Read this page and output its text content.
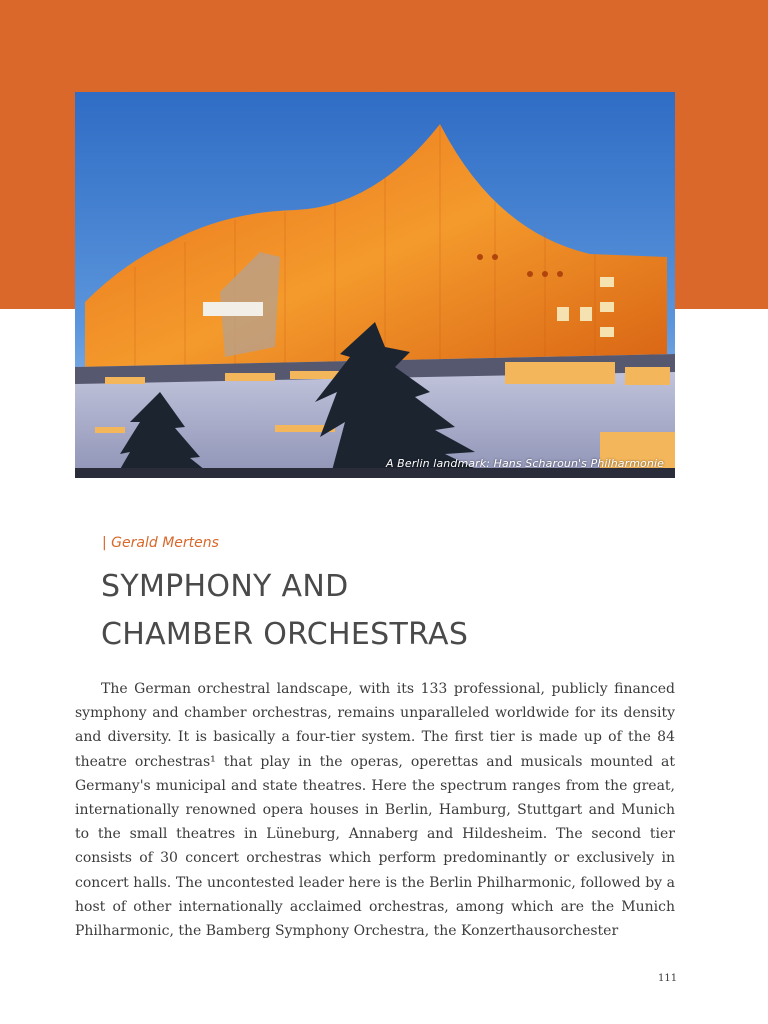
A Berlin landmark: Hans Scharoun's Philharmonie
| Gerald Mertens
SYMPHONY AND
CHAMBER ORCHESTRAS
The German orchestral landscape, with its 133 professional, publicly financed symphony and chamber orchestras, remains unparalleled worldwide for its density and diversity. It is basically a four-tier system. The first tier is made up of the 84 theatre orchestras¹ that play in the operas, operettas and musicals mounted at Germany's municipal and state theatres. Here the spectrum ranges from the great, internationally renowned opera houses in Berlin, Hamburg, Stuttgart and Munich to the small theatres in Lüneburg, Annaberg and Hildesheim. The second tier consists of 30 concert orchestras which perform predominantly or exclusively in concert halls. The uncontested leader here is the Berlin Philharmonic, followed by a host of other internationally acclaimed orchestras, among which are the Munich Philharmonic, the Bamberg Symphony Orchestra, the Konzerthausorchester
111
